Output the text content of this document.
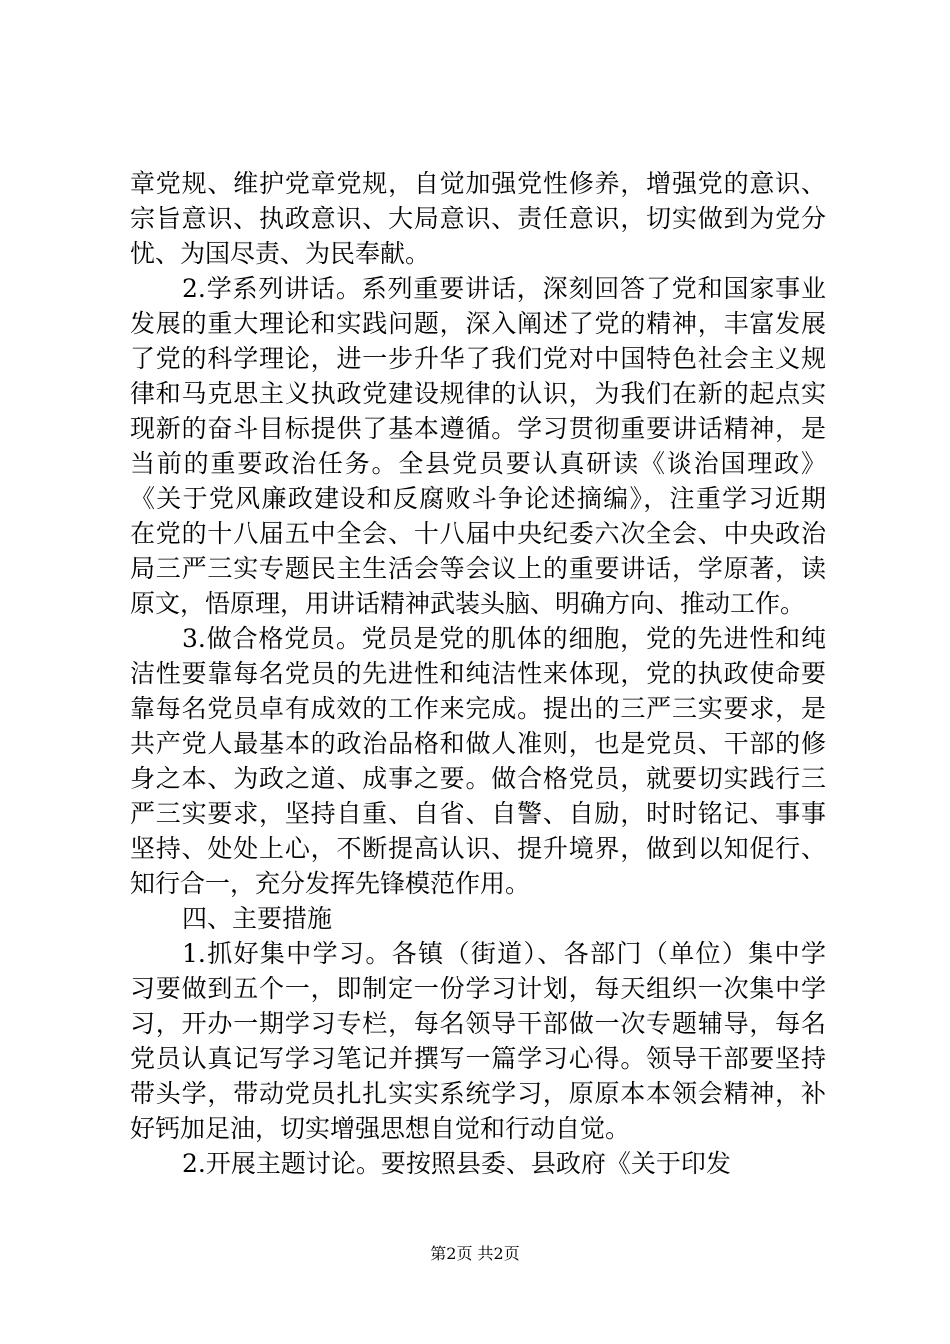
章党规、维护党章党规，自觉加强党性修养，增强党的意识、
宗旨意识、执政意识、大局意识、责任意识，切实做到为党分
忧、为国尽责、为民奉献。
2.学系列讲话。系列重要讲话，深刻回答了党和国家事业
发展的重大理论和实践问题，深入阐述了党的精神，丰富发展
了党的科学理论，进一步升华了我们党对中国特色社会主义规
律和马克思主义执政党建设规律的认识，为我们在新的起点实
现新的奋斗目标提供了基本遵循。学习贯彻重要讲话精神，是
当前的重要政治任务。全县党员要认真研读《谈治国理政》
《关于党风廉政建设和反腐败斗争论述摘编》，注重学习近期
在党的十八届五中全会、十八届中央纪委六次全会、中央政治
局三严三实专题民主生活会等会议上的重要讲话，学原著，读
原文，悟原理，用讲话精神武装头脑、明确方向、推动工作。
3.做合格党员。党员是党的肌体的细胞，党的先进性和纯
洁性要靠每名党员的先进性和纯洁性来体现，党的执政使命要
靠每名党员卓有成效的工作来完成。提出的三严三实要求，是
共产党人最基本的政治品格和做人准则，也是党员、干部的修
身之本、为政之道、成事之要。做合格党员，就要切实践行三
严三实要求，坚持自重、自省、自警、自励，时时铭记、事事
坚持、处处上心，不断提高认识、提升境界，做到以知促行、
知行合一，充分发挥先锋模范作用。
四、主要措施
1.抓好集中学习。各镇（街道）、各部门（单位）集中学
习要做到五个一，即制定一份学习计划，每天组织一次集中学
习，开办一期学习专栏，每名领导干部做一次专题辅导，每名
党员认真记写学习笔记并撰写一篇学习心得。领导干部要坚持
带头学，带动党员扎扎实实系统学习，原原本本领会精神，补
好钙加足油，切实增强思想自觉和行动自觉。
2.开展主题讨论。要按照县委、县政府《关于印发
第2页 共2页
